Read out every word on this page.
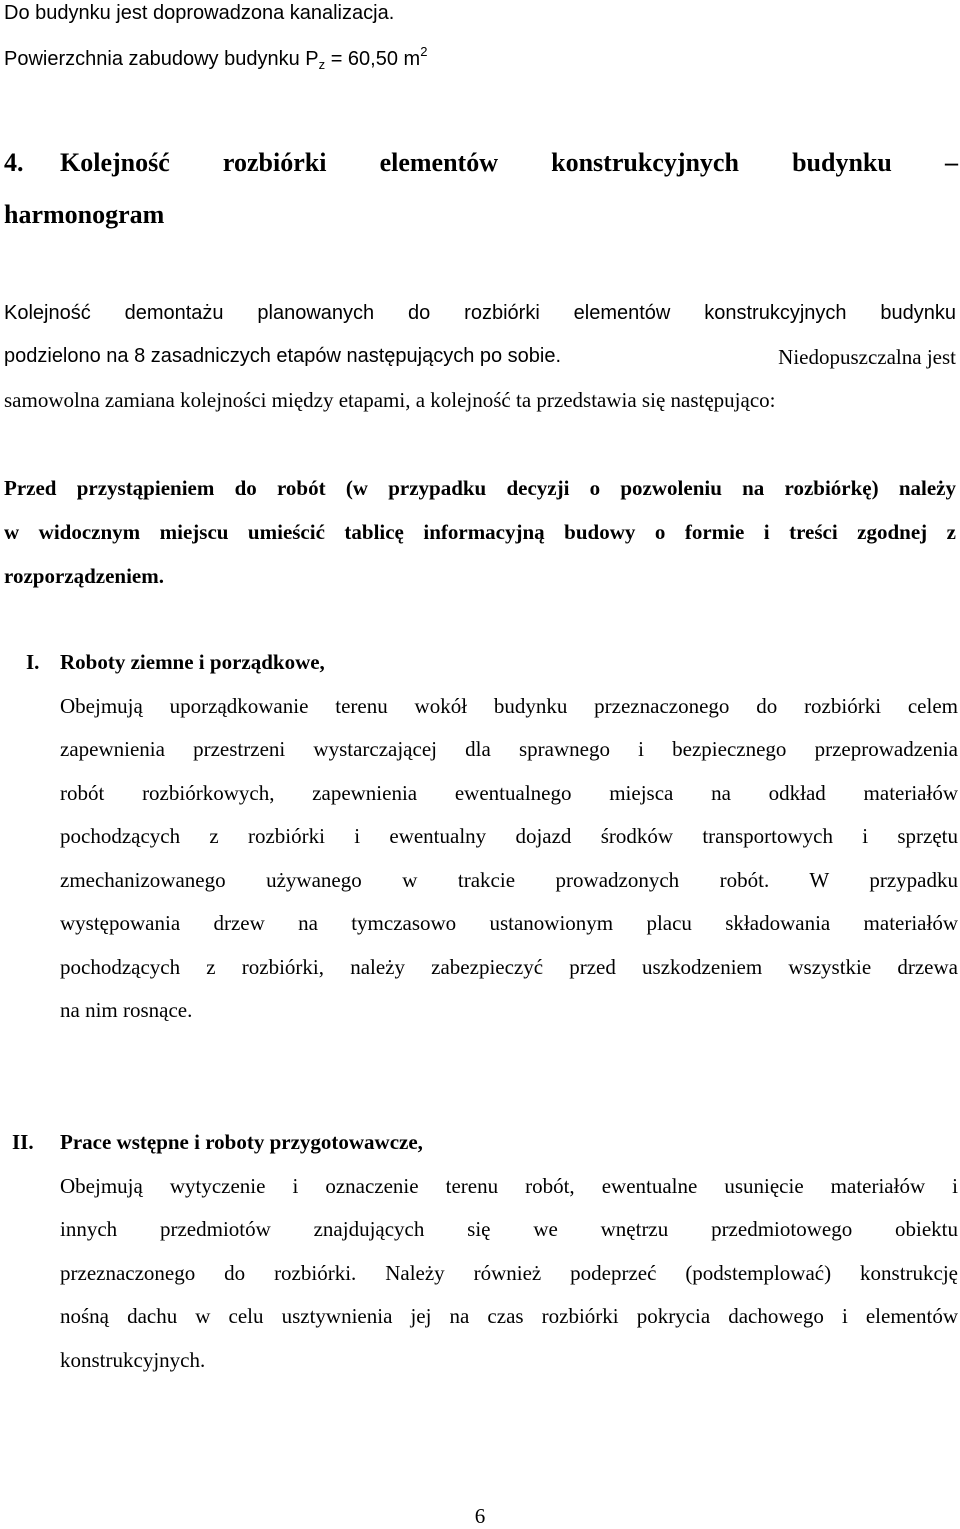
Do budynku jest doprowadzona kanalizacja.
Powierzchnia zabudowy budynku $P_z = 60,50$ $m^2$
4. Kolejność rozbiórki elementów konstrukcyjnych budynku –
harmonogram
Kolejność demontażu planowanych do rozbiórki elementów konstrukcyjnych budynku
podzielono na 8 zasadniczych etapów następujących po sobie.	Niedopuszczalna jest
samowolna zamiana kolejności między etapami, a kolejność ta przedstawia się następująco:
Przed przystąpieniem do robót (w przypadku decyzji o pozwoleniu na rozbiórkę) należy
w widocznym miejscu umieścić tablicę informacyjną budowy o formie i treści zgodnej z
rozporządzeniem.
I. Roboty ziemne i porządkowe,
Obejmują uporządkowanie terenu wokół budynku przeznaczonego do rozbiórki celem
zapewnienia przestrzeni wystarczającej dla sprawnego i bezpiecznego przeprowadzenia
robót rozbiórkowych, zapewnienia ewentualnego miejsca na odkład materiałów
pochodzących z rozbiórki i ewentualny dojazd środków transportowych i sprzętu
zmechanizowanego używanego w trakcie prowadzonych robót. W przypadku
występowania drzew na tymczasowo ustanowionym placu składowania materiałów
pochodzących z rozbiórki, należy zabezpieczyć przed uszkodzeniem wszystkie drzewa
na nim rosnące.
II. Prace wstępne i roboty przygotowawcze,
Obejmują wytyczenie i oznaczenie terenu robót, ewentualne usunięcie materiałów i
innych przedmiotów znajdujących się we wnętrzu przedmiotowego obiektu
przeznaczonego do rozbiórki. Należy również podeprzeć (podstemplować) konstrukcję
nośną dachu w celu usztywnienia jej na czas rozbiórki pokrycia dachowego i elementów
konstrukcyjnych.
6
